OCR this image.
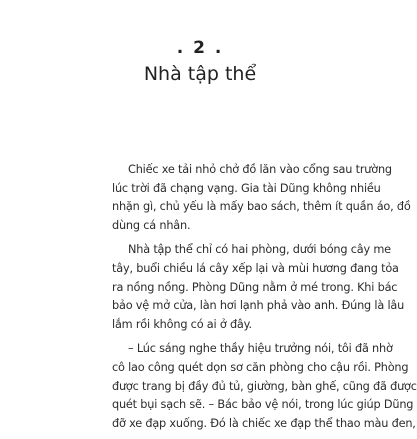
. 2 .
Nhà tập thể

Chiếc xe tải nhỏ chở đồ lăn vào cổng sau trường
lúc trời đã chạng vạng. Gia tài Dũng không nhiều
nhặn gì, chủ yếu là mấy bao sách, thêm ít quần áo, đồ
dùng cá nhân.

Nhà tập thể chỉ có hai phòng, dưới bóng cây me
tây, buổi chiều lá cây xếp lại và mùi hương đang tỏa
ra nồng nồng. Phòng Dũng nằm ở mé trong. Khi bác
bảo vệ mở cửa, làn hơi lạnh phả vào anh. Đúng là lâu
lắm rồi không có ai ở đây.

– Lúc sáng nghe thầy hiệu trưởng nói, tôi đã nhờ
cô lao công quét dọn sơ căn phòng cho cậu rồi. Phòng
được trang bị đầy đủ tủ, giường, bàn ghế, cũng đã được
quét bụi sạch sẽ. – Bác bảo vệ nói, trong lúc giúp Dũng
đỡ xe đạp xuống. Đó là chiếc xe đạp thể thao màu đen,
